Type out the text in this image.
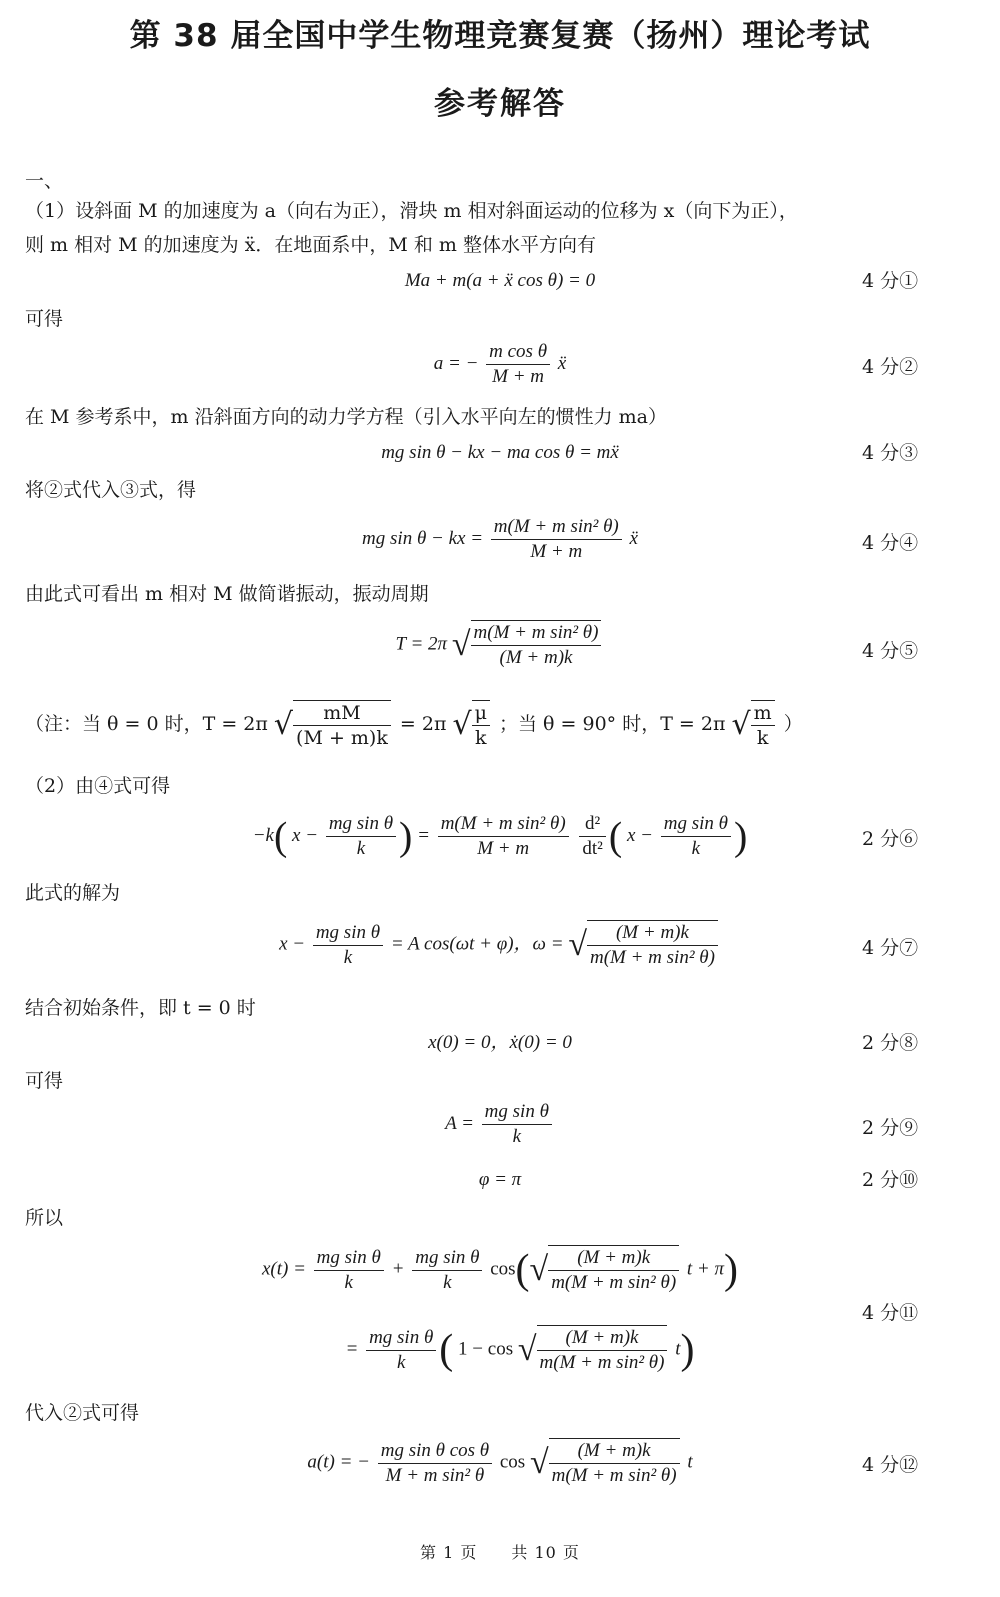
第 38 届全国中学生物理竞赛复赛（扬州）理论考试
参考解答
一、
（1）设斜面 M 的加速度为 a（向右为正），滑块 m 相对斜面运动的位移为 x（向下为正），
则 m 相对 M 的加速度为 ẍ．在地面系中，M 和 m 整体水平方向有
Ma + m(a + ẍ cos θ) = 0	4 分①
可得
a = − $\frac{\text{m cos θ}}{M + m}$ ẍ	4 分②
在 M 参考系中，m 沿斜面方向的动力学方程（引入水平向左的惯性力 ma）
mg sin θ − kx − ma cos θ = mẍ	4 分③
将②式代入③式，得
mg sin θ − kx = $\frac{\text{m(M + m sin² θ)}}{M + m}$ ẍ	4 分④
由此式可看出 m 相对 M 做简谐振动，振动周期
T = 2π √ $\frac{\text{m(M + m sin² θ)}}{(M + m)k}$	4 分⑤
（注：当 θ = 0 时，T = 2π √ $\frac{mM}{(M + m)k} = 2\pi$ √ $\frac{\mu}{k}$ ；当 θ = 90° 时，T = 2π √ $\frac{m}{k}$ ）
（2）由④式可得
−k( $x - \frac{\text{mg sin θ}}{k}$ ) = $\frac{\text{m(M + m sin² θ)}}{M + m}$
$\frac{\text{d²}}{\text{dt²}}$ ( $x - \frac{\text{mg sin θ}}{k}$ )	2 分⑥
此式的解为
$x - \frac{\text{mg sin θ}}{k} = A$ cos(ωt + φ)，ω = √ $\frac{(M + m)k}{\text{m(M + m sin² θ)}}$	4 分⑦
结合初始条件，即 t = 0 时
x(0) = 0，ẋ(0) = 0	2 分⑧
可得
$A = \frac{\text{mg sin θ}}{k}$	2 分⑨
φ = π	2 分⑩
所以
$x(t) = \frac{\text{mg sin θ}}{k} + \frac{\text{mg sin θ}}{k} \cos(√ \frac{(M + m)k}{\text{m(M + m sin² θ)}}$ t + π)
= $\frac{\text{mg sin θ}}{k}$ ( 1 − cos √ $\frac{(M + m)k}{\text{m(M + m sin² θ)}} t$)
4 分⑪
代入②式可得
a(t) = − $\frac{\text{mg sin θ cos θ}}{\text{M + m sin² θ}}$ cos √ $\frac{(M + m)k}{\text{m(M + m sin² θ)}}$ t	4 分⑫
第 1 页　　共 10 页
